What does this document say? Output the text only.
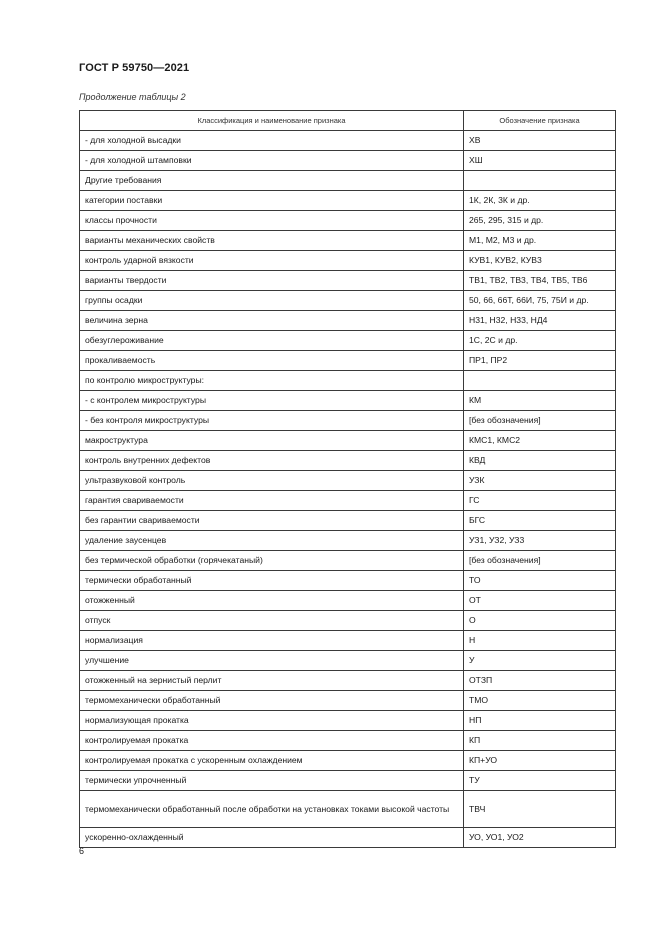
ГОСТ Р 59750—2021
Продолжение таблицы 2
Классификация и наименование признака	Обозначение признака
- для холодной высадки	ХВ
- для холодной штамповки	ХШ
Другие требования	
категории поставки	1К, 2К, 3К и др.
классы прочности	265, 295, 315 и др.
варианты механических свойств	М1, М2, М3 и др.
контроль ударной вязкости	КУВ1, КУВ2, КУВ3
варианты твердости	ТВ1, ТВ2, ТВ3, ТВ4, ТВ5, ТВ6
группы осадки	50, 66, 66Т, 66И, 75, 75И и др.
величина зерна	Н31, Н32, Н33, НД4
обезуглероживание	1С, 2С и др.
прокаливаемость	ПР1, ПР2
по контролю микроструктуры:	
- с контролем микроструктуры	КМ
- без контроля микроструктуры	[без обозначения]
макроструктура	КМС1, КМС2
контроль внутренних дефектов	КВД
ультразвуковой контроль	УЗК
гарантия свариваемости	ГС
без гарантии свариваемости	БГС
удаление заусенцев	УЗ1, УЗ2, УЗ3
без термической обработки (горячекатаный)	[без обозначения]
термически обработанный	ТО
отожженный	ОТ
отпуск	О
нормализация	Н
улучшение	У
отожженный на зернистый перлит	ОТЗП
термомеханически обработанный	ТМО
нормализующая прокатка	НП
контролируемая прокатка	КП
контролируемая прокатка с ускоренным охлаждением	КП+УО
термически упрочненный	ТУ
термомеханически обработанный после обработки на установках токами высокой частоты	ТВЧ
ускоренно-охлажденный	УО, УО1, УО2
6
